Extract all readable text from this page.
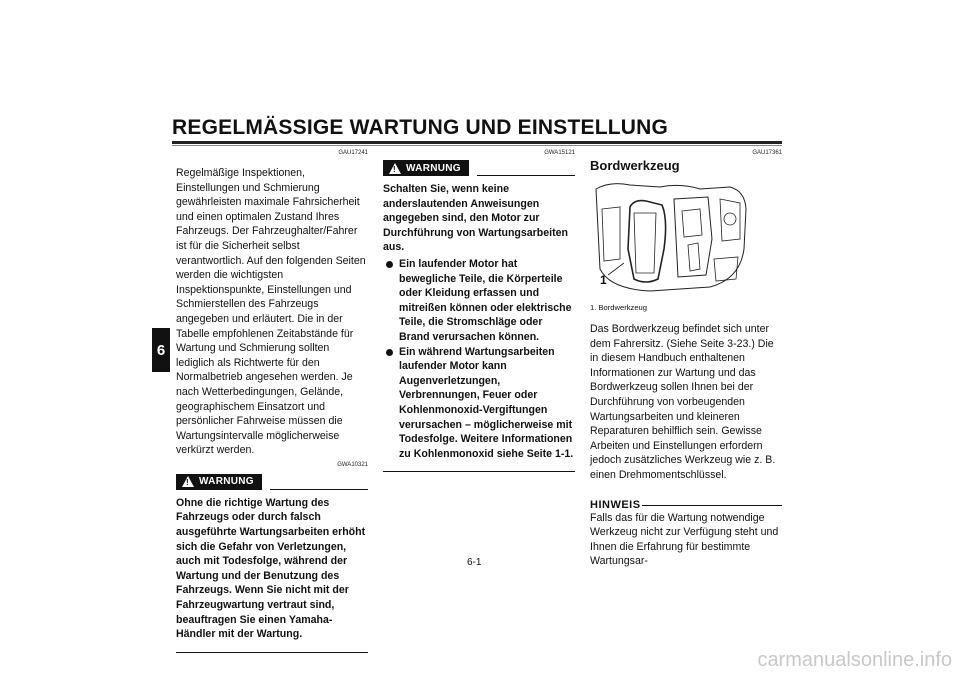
REGELMÄSSIGE WARTUNG UND EINSTELLUNG
6
GAU17241

Regelmäßige Inspektionen, Einstellungen und Schmierung gewährleisten maximale Fahrsicherheit und einen optimalen Zustand Ihres Fahrzeugs. Der Fahrzeughalter/Fahrer ist für die Sicherheit selbst verantwortlich. Auf den folgenden Seiten werden die wichtigsten Inspektionspunkte, Einstellungen und Schmierstellen des Fahrzeugs angegeben und erläutert. Die in der Tabelle empfohlenen Zeitabstände für Wartung und Schmierung sollten lediglich als Richtwerte für den Normalbetrieb angesehen werden. Je nach Wetterbedingungen, Gelände, geographischem Einsatzort und persönlicher Fahrweise müssen die Wartungsintervalle möglicherweise verkürzt werden.

GWA10321
! WARNUNG

Ohne die richtige Wartung des Fahrzeugs oder durch falsch ausgeführte Wartungsarbeiten erhöht sich die Gefahr von Verletzungen, auch mit Todesfolge, während der Wartung und der Benutzung des Fahrzeugs. Wenn Sie nicht mit der Fahrzeugwartung vertraut sind, beauftragen Sie einen Yamaha-Händler mit der Wartung.

GWA15121
! WARNUNG

Schalten Sie, wenn keine anderslautenden Anweisungen angegeben sind, den Motor zur Durchführung von Wartungsarbeiten aus.

Ein laufender Motor hat bewegliche Teile, die Körperteile oder Kleidung erfassen und mitreißen können oder elektrische Teile, die Stromschläge oder Brand verursachen können.
Ein während Wartungsarbeiten laufender Motor kann Augenverletzungen, Verbrennungen, Feuer oder Kohlenmonoxid-Vergiftungen verursachen – möglicherweise mit Todesfolge. Weitere Informationen zu Kohlenmonoxid siehe Seite 1-1.
GAU17361
Bordwerkzeug
1
1. Bordwerkzeug

Das Bordwerkzeug befindet sich unter dem Fahrersitz. (Siehe Seite 3-23.) Die in diesem Handbuch enthaltenen Informationen zur Wartung und das Bordwerkzeug sollen Ihnen bei der Durchführung von vorbeugenden Wartungsarbeiten und kleineren Reparaturen behilflich sein. Gewisse Arbeiten und Einstellungen erfordern jedoch zusätzliches Werkzeug wie z. B. einen Drehmomentschlüssel.

HINWEIS

Falls das für die Wartung notwendige Werkzeug nicht zur Verfügung steht und Ihnen die Erfahrung für bestimmte Wartungsar-

6-1
carmanualsonline.info
